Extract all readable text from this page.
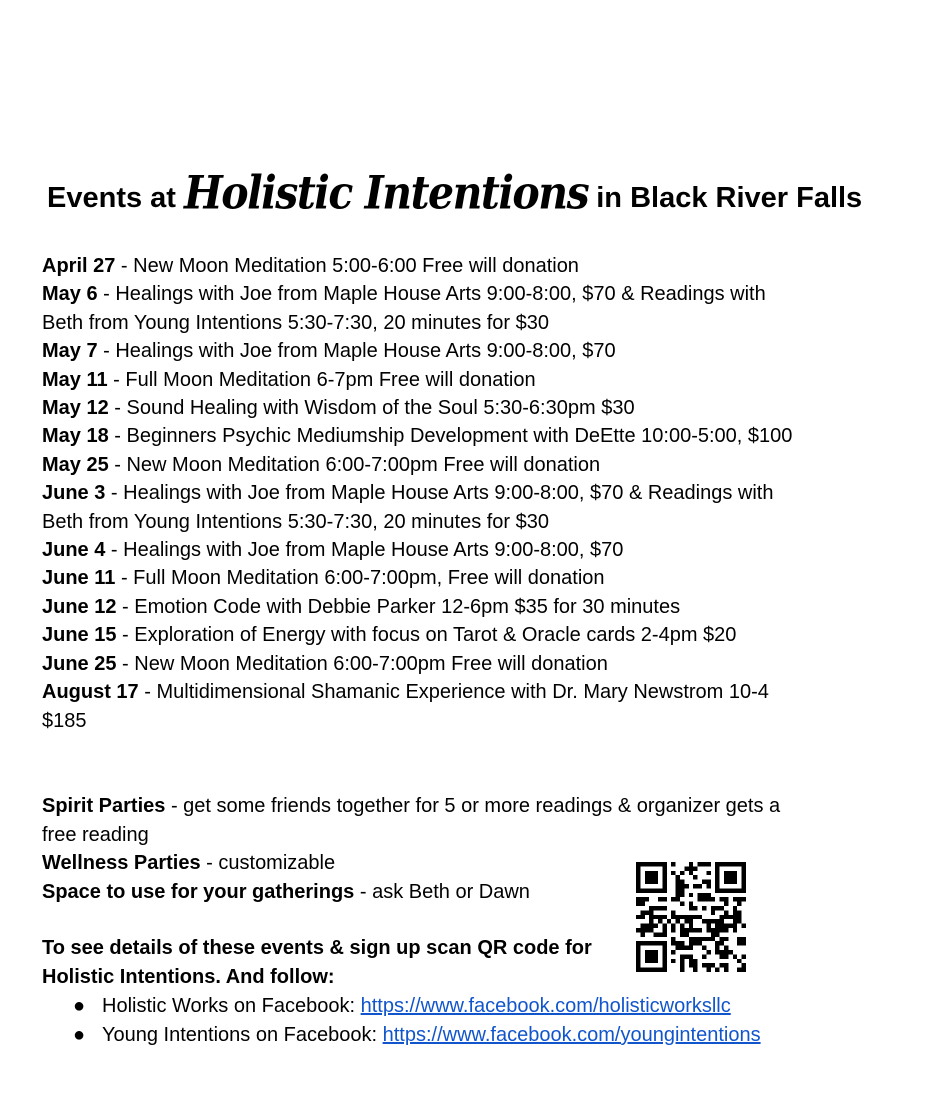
Events at Holistic Intentions in Black River Falls
April 27 - New Moon Meditation 5:00-6:00 Free will donation
May 6 - Healings with Joe from Maple House Arts 9:00-8:00, $70 & Readings with Beth from Young Intentions 5:30-7:30, 20 minutes for $30
May 7 - Healings with Joe from Maple House Arts 9:00-8:00, $70
May 11 - Full Moon Meditation 6-7pm Free will donation
May 12 - Sound Healing with Wisdom of the Soul 5:30-6:30pm $30
May 18 - Beginners Psychic Mediumship Development with DeEtte 10:00-5:00, $100
May 25 - New Moon Meditation 6:00-7:00pm Free will donation
June 3 - Healings with Joe from Maple House Arts 9:00-8:00, $70 & Readings with Beth from Young Intentions 5:30-7:30, 20 minutes for $30
June 4 - Healings with Joe from Maple House Arts 9:00-8:00, $70
June 11 - Full Moon Meditation 6:00-7:00pm, Free will donation
June 12 - Emotion Code with Debbie Parker 12-6pm $35 for 30 minutes
June 15 - Exploration of Energy with focus on Tarot & Oracle cards 2-4pm $20
June 25 - New Moon Meditation 6:00-7:00pm Free will donation
August 17 - Multidimensional Shamanic Experience with Dr. Mary Newstrom 10-4 $185
Spirit Parties - get some friends together for 5 or more readings & organizer gets a free reading
Wellness Parties - customizable
Space to use for your gatherings - ask Beth or Dawn
To see details of these events & sign up scan QR code for
Holistic Intentions. And follow:
● Holistic Works on Facebook: https://www.facebook.com/holisticworksllc
● Young Intentions on Facebook: https://www.facebook.com/youngintentions
